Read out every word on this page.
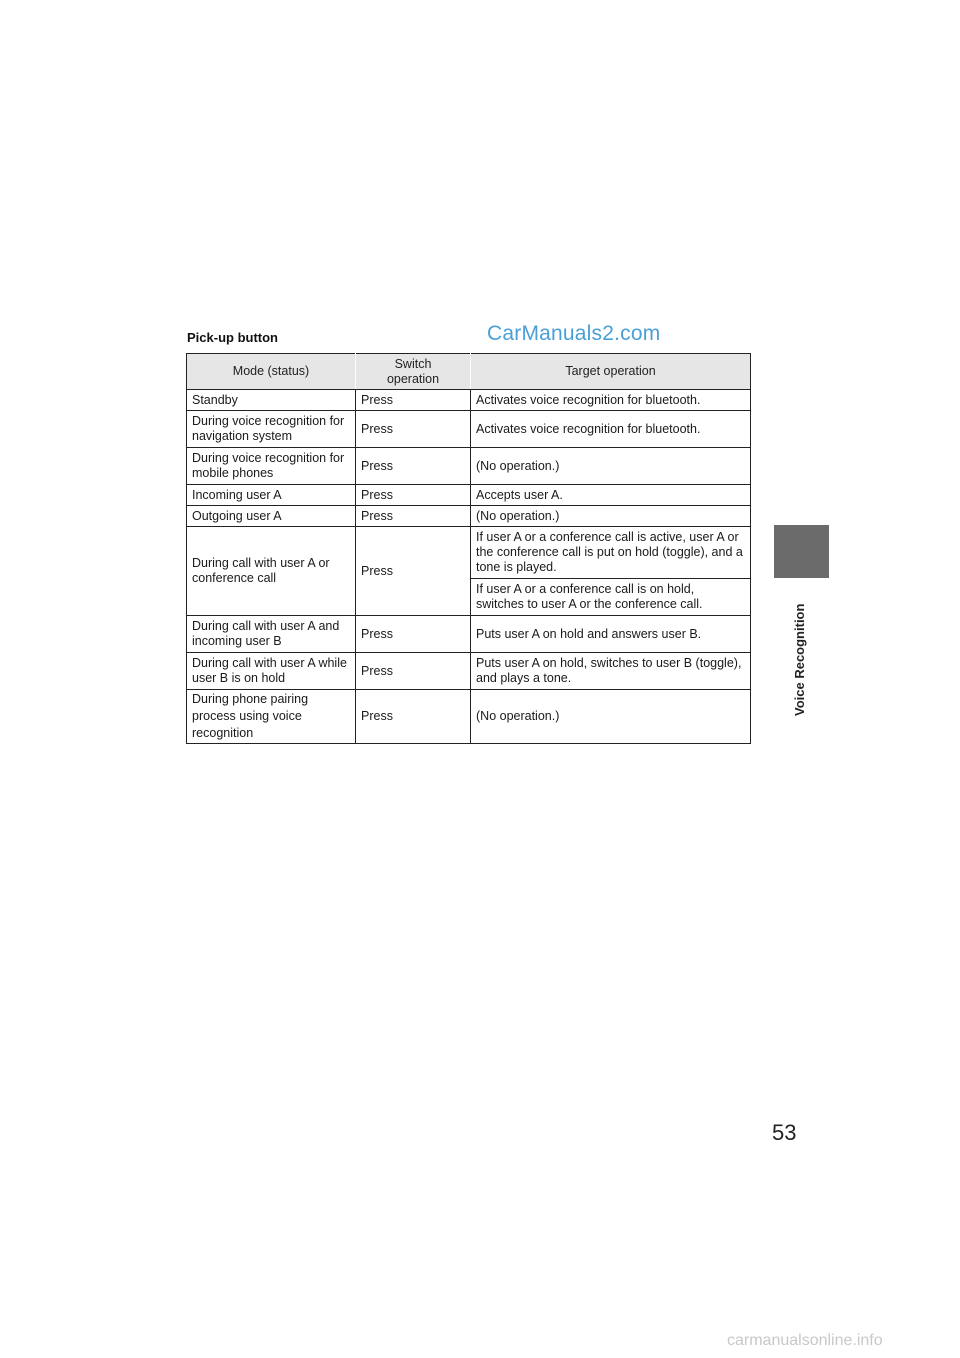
Pick-up button	CarManuals2.com
Mode (status)	Switch operation	Target operation
Standby	Press	Activates voice recognition for bluetooth.
During voice recognition for navigation system	Press	Activates voice recognition for bluetooth.
During voice recognition for mobile phones	Press	(No operation.)
Incoming user A	Press	Accepts user A.
Outgoing user A	Press	(No operation.)
During call with user A or conference call	Press	If user A or a conference call is active, user A or the conference call is put on hold (toggle), and a tone is played.
		If user A or a conference call is on hold, switches to user A or the conference call.
During call with user A and incoming user B	Press	Puts user A on hold and answers user B.
During call with user A while user B is on hold	Press	Puts user A on hold, switches to user B (toggle), and plays a tone.
During phone pairing process using voice recognition	Press	(No operation.)	Voice Recognition
53
carmanualsonline.info
